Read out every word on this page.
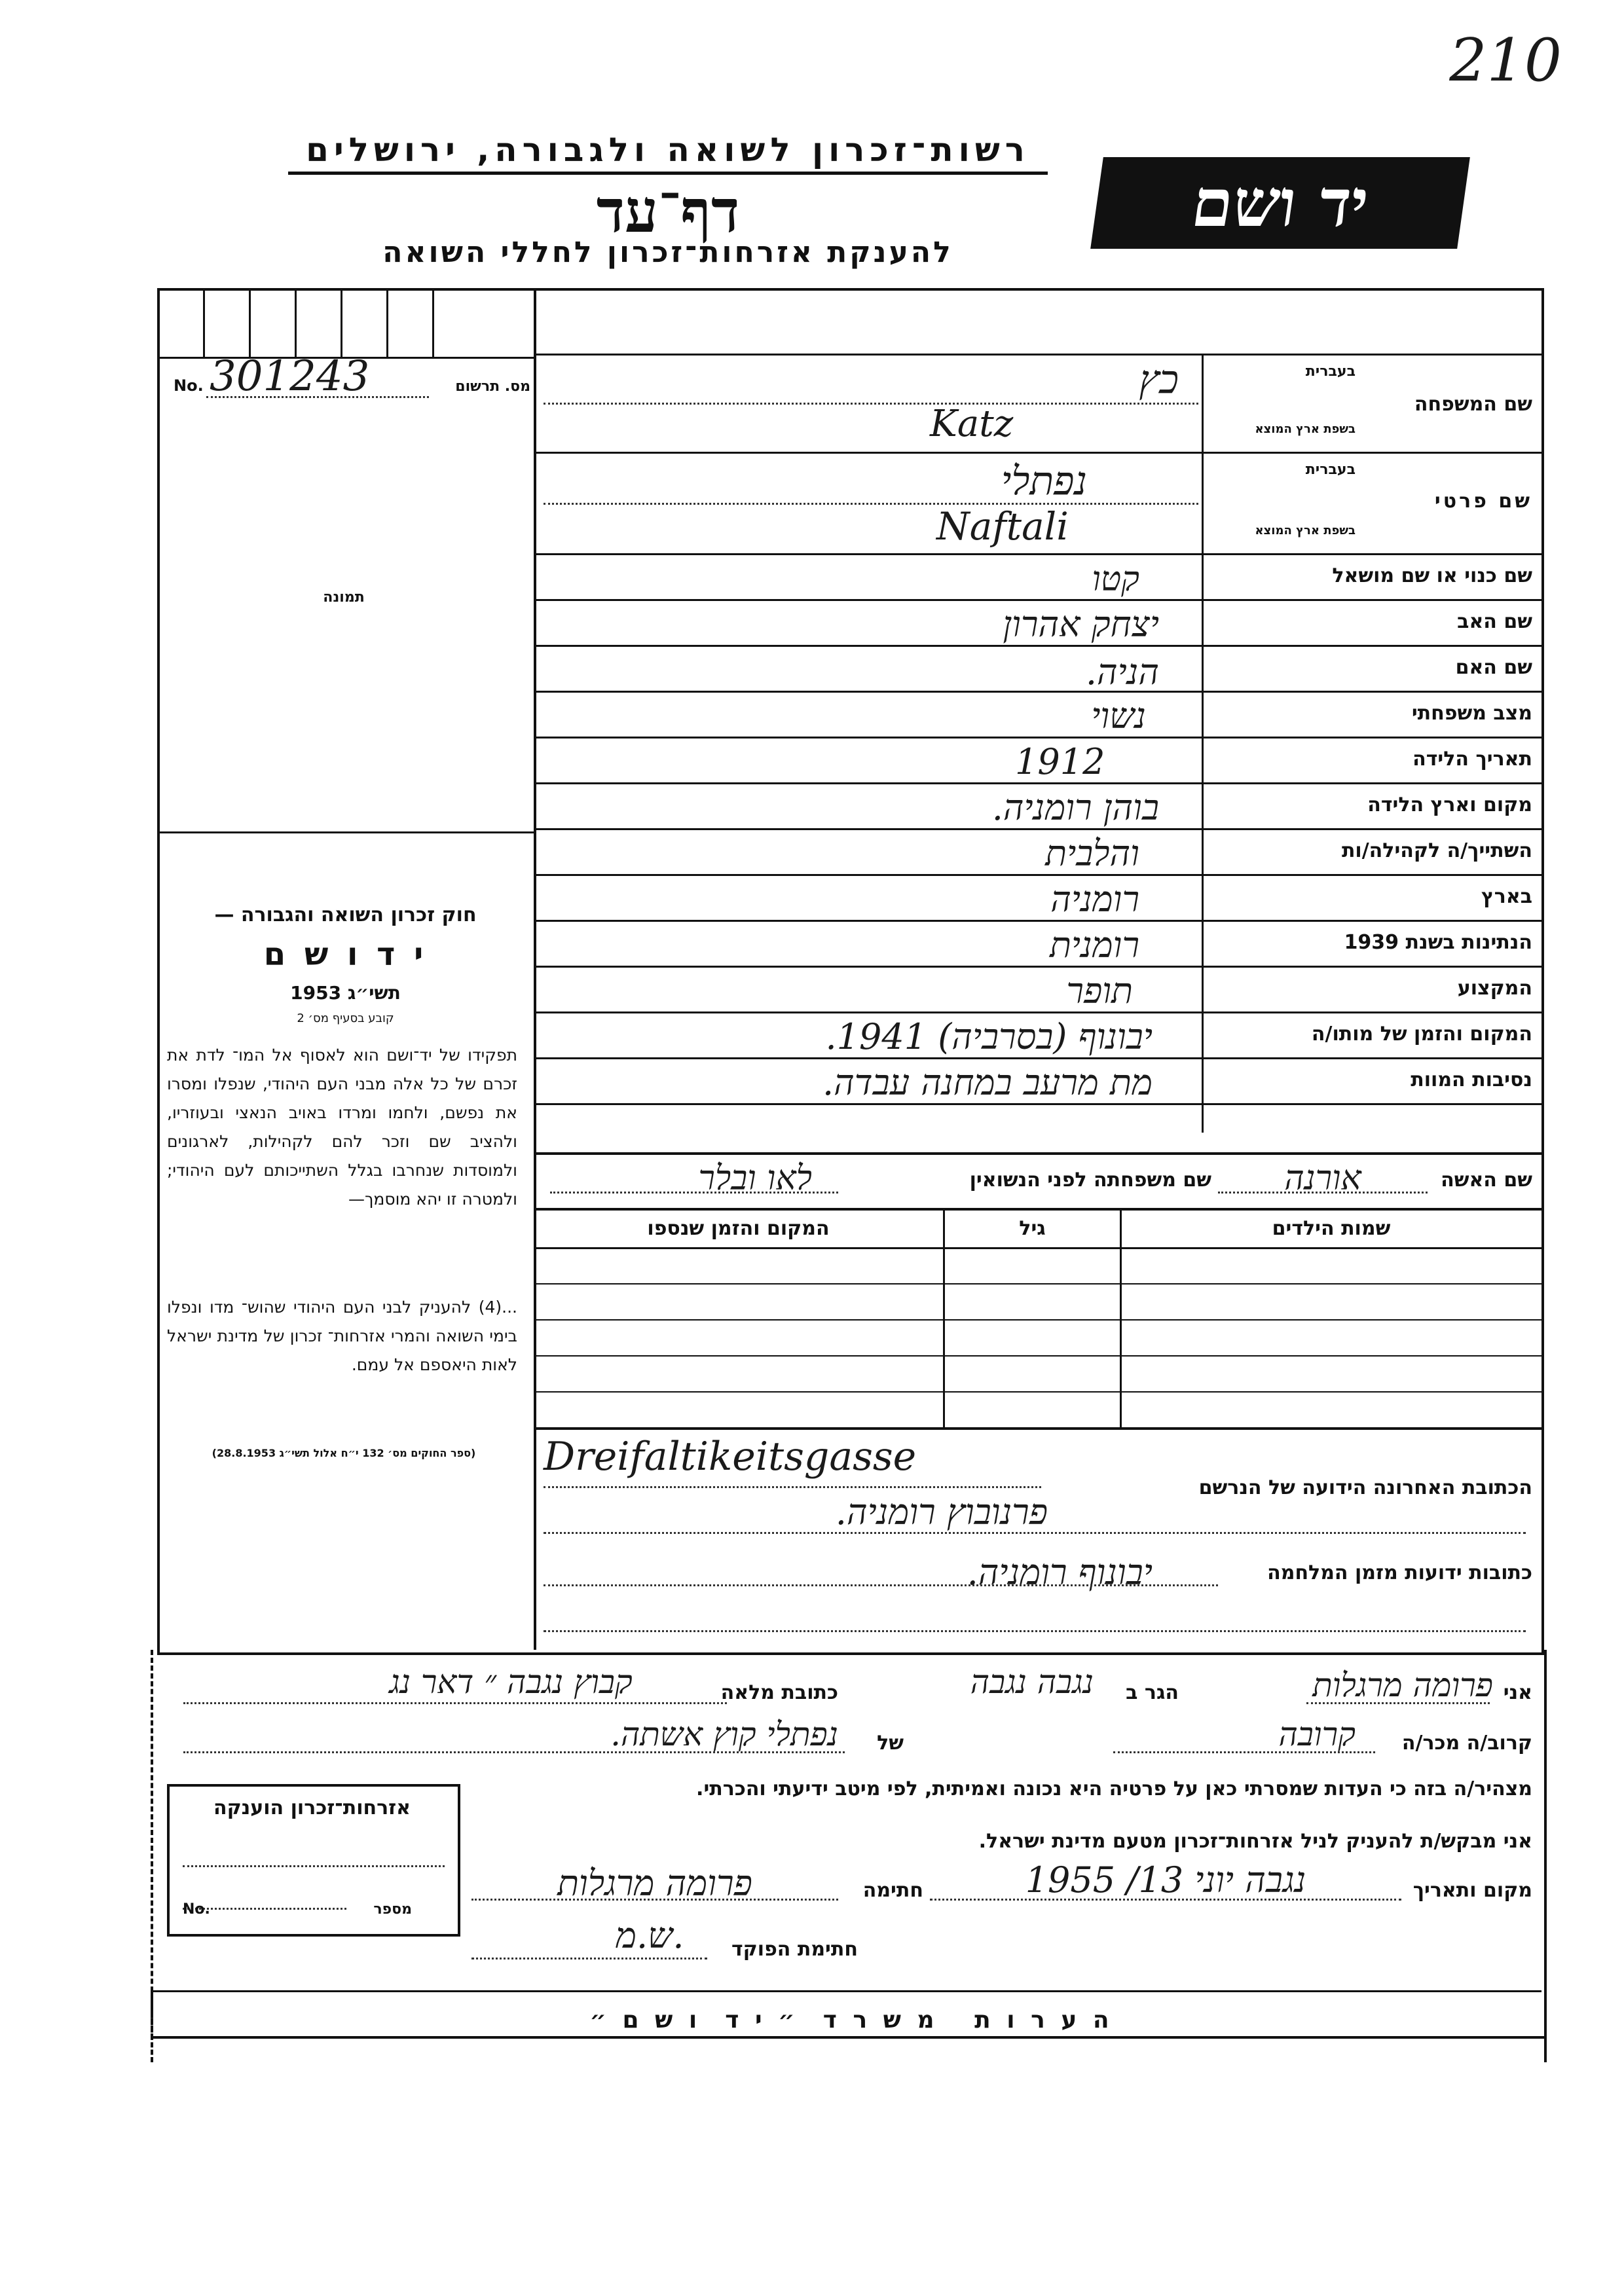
210
רשות־זכרון לשואה ולגבורה, ירושלים
דף־עד
להענקת אזרחות־זכרון לחללי השואה
יד ושם
No. 301243	מס. תרשום
תמונה
חוק זכרון השואה והגבורה —
י ד ו ש ם
תשי״ג 1953
קובע בסעיף מס׳ 2
תפקידו של יד־ושם הוא לאסוף אל המו־ לדת את זכרם של כל אלה מבני העם היהודי, שנפלו ומסרו את נפשם, ולחמו ומרדו באויב הנאצי ובעוזריו, ולהציב שם וזכר להם לקהילות, לארגונים ולמוסדות שנחרבו בגלל השתייכותם לעם היהודי; ולמטרה זו יהא מוסמך—
...(4) להעניק לבני העם היהודי שהוש־ מדו ונפלו בימי השואה והמרי אזרחות־ זכרון של מדינת ישראל לאות היאספם אל עמם.
(ספר החוקים מס׳ 132 י״ח אלול תשי״ג 28.8.1953)
שם המשפחה
בעברית
בשפת ארץ המוצא
כץ
Katz
שם פרטי
בעברית
בשפת ארץ המוצא
נפתלי
Naftali
שם כנוי או שם מושאל
קטו
שם האב
יצחק אהרון
שם האם
הניה.
מצב משפחתי
נשוי
תאריך הלידה
1912
מקום וארץ הלידה
בוהן רומניה.
השתייך/ה לקהילה/ות
והלבית
בארץ
רומניה
הנתינות בשנת 1939
רומנית
המקצוע
תופר
המקום והזמן של מותו/ה
יבונוף (בסרביה) 1941.
נסיבות המוות
מת מרעב במחנה עבדה.
שם האשה
אורנה
שם משפחתה לפני הנשואין
לאו ובלר
שמות הילדים
גיל
המקום והזמן שנספו
Dreifaltikeitsgasse
הכתובת האחרונה הידועה של הנרשם
פרנובוץ רומניה.
כתובות ידועות מזמן המלחמה
יבונוף רומניה.
אני
פרומה מרגלות
הגר ב
נגבה נגבה
כתובת מלאה
קבוץ נגבה ״ דאר נג
קרוב/ה מכר/ה
קרובה
של
נפתלי קוץ אשתה.
מצהיר/ה בזה כי העדות שמסרתי כאן על פרטיה היא נכונה ואמיתית, לפי מיטב ידיעתי והכרתי.
אני מבקש/ת להעניק לניל אזרחות־זכרון מטעם מדינת ישראל.
מקום ותאריך
נגבה יוני 13/ 1955
חתימה
פרומה מרגלות
חתימת הפוקד
ש.מ.
אזרחות־זכרון הוענקה
No.	מספר
ה ע ר ו ת   מ ש ר ד  ״ י ד  ו ש ם ״
